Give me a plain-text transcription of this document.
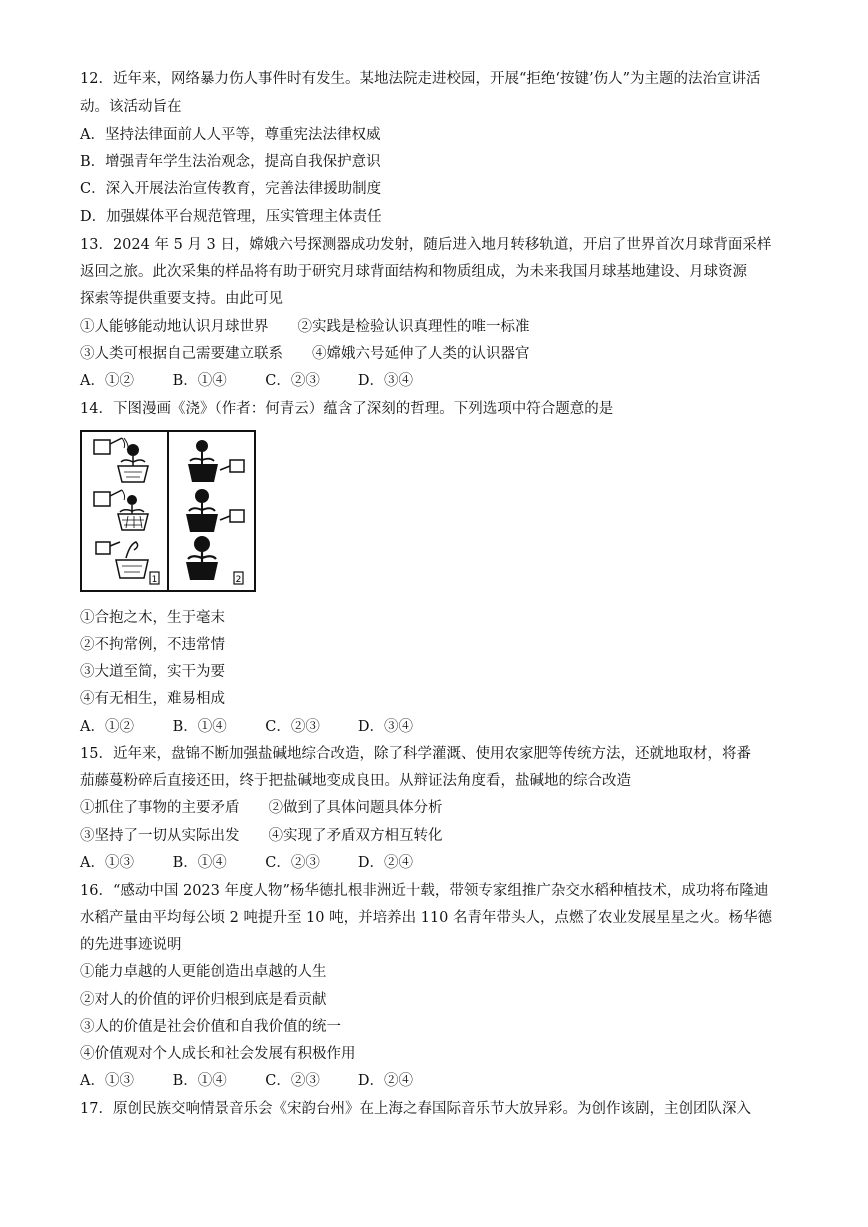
12．近年来，网络暴力伤人事件时有发生。某地法院走进校园，开展“拒绝‘按键’伤人”为主题的法治宣讲活
动。该活动旨在
A．坚持法律面前人人平等，尊重宪法法律权威
B．增强青年学生法治观念，提高自我保护意识
C．深入开展法治宣传教育，完善法律援助制度
D．加强媒体平台规范管理，压实管理主体责任
13．2024 年 5 月 3 日，嫦娥六号探测器成功发射，随后进入地月转移轨道，开启了世界首次月球背面采样
返回之旅。此次采集的样品将有助于研究月球背面结构和物质组成，为未来我国月球基地建设、月球资源
探索等提供重要支持。由此可见
①人能够能动地认识月球世界　　②实践是检验认识真理性的唯一标准
③人类可根据自己需要建立联系　　④嫦娥六号延伸了人类的认识器官
A．①②	B．①④	C．②③	D．③④
14．下图漫画《浇》（作者：何青云）蕴含了深刻的哲理。下列选项中符合题意的是
1	2
①合抱之木，生于毫末
②不拘常例，不违常情
③大道至简，实干为要
④有无相生，难易相成
A．①②	B．①④	C．②③	D．③④
15．近年来，盘锦不断加强盐碱地综合改造，除了科学灌溉、使用农家肥等传统方法，还就地取材，将番
茄藤蔓粉碎后直接还田，终于把盐碱地变成良田。从辩证法角度看，盐碱地的综合改造
①抓住了事物的主要矛盾　　②做到了具体问题具体分析
③坚持了一切从实际出发　　④实现了矛盾双方相互转化
A．①③	B．①④	C．②③	D．②④
16．“感动中国 2023 年度人物”杨华德扎根非洲近十载，带领专家组推广杂交水稻种植技术，成功将布隆迪
水稻产量由平均每公顷 2 吨提升至 10 吨，并培养出 110 名青年带头人，点燃了农业发展星星之火。杨华德
的先进事迹说明
①能力卓越的人更能创造出卓越的人生
②对人的价值的评价归根到底是看贡献
③人的价值是社会价值和自我价值的统一
④价值观对个人成长和社会发展有积极作用
A．①③	B．①④	C．②③	D．②④
17．原创民族交响情景音乐会《宋韵台州》在上海之春国际音乐节大放异彩。为创作该剧，主创团队深入
